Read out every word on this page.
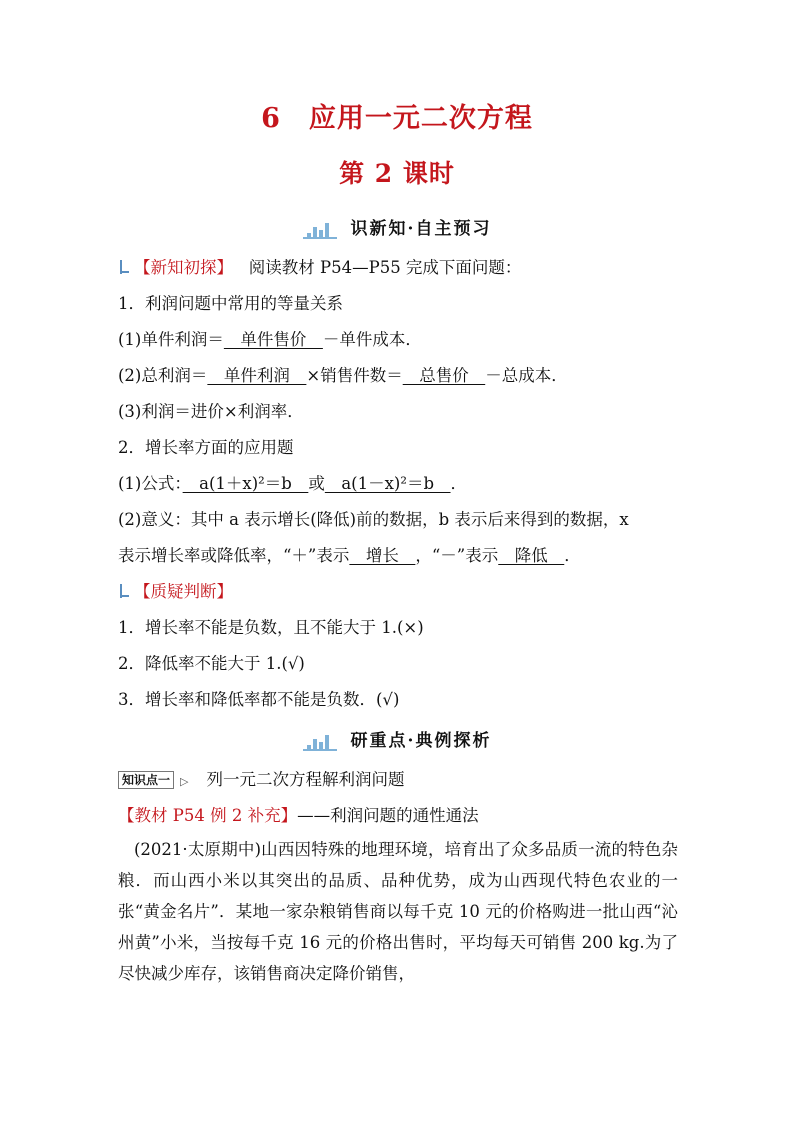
6　应用一元二次方程
第 2 课时
识新知·自主预习
【新知初探】 阅读教材 P54—P55 完成下面问题：
1．利润问题中常用的等量关系
(1)单件利润＝　单件售价　－单件成本．
(2)总利润＝　单件利润　×销售件数＝　总售价　－总成本．
(3)利润＝进价×利润率．
2．增长率方面的应用题
(1)公式：　a(1＋x)²＝b　或　a(1－x)²＝b　．
(2)意义：其中 a 表示增长(降低)前的数据，b 表示后来得到的数据，x
表示增长率或降低率，“＋”表示　增长　，“－”表示　降低　．
【质疑判断】
1．增长率不能是负数，且不能大于 1.(×)
2．降低率不能大于 1.(√)
3．增长率和降低率都不能是负数．(√)
研重点·典例探析
知识点一 ▷ 列一元二次方程解利润问题
【教材 P54 例 2 补充】——利润问题的通性通法
(2021·太原期中)山西因特殊的地理环境，培育出了众多品质一流的特色杂粮．而山西小米以其突出的品质、品种优势，成为山西现代特色农业的一张“黄金名片”．某地一家杂粮销售商以每千克 10 元的价格购进一批山西“沁州黄”小米，当按每千克 16 元的价格出售时，平均每天可销售 200 kg.为了尽快减少库存，该销售商决定降价销售，
